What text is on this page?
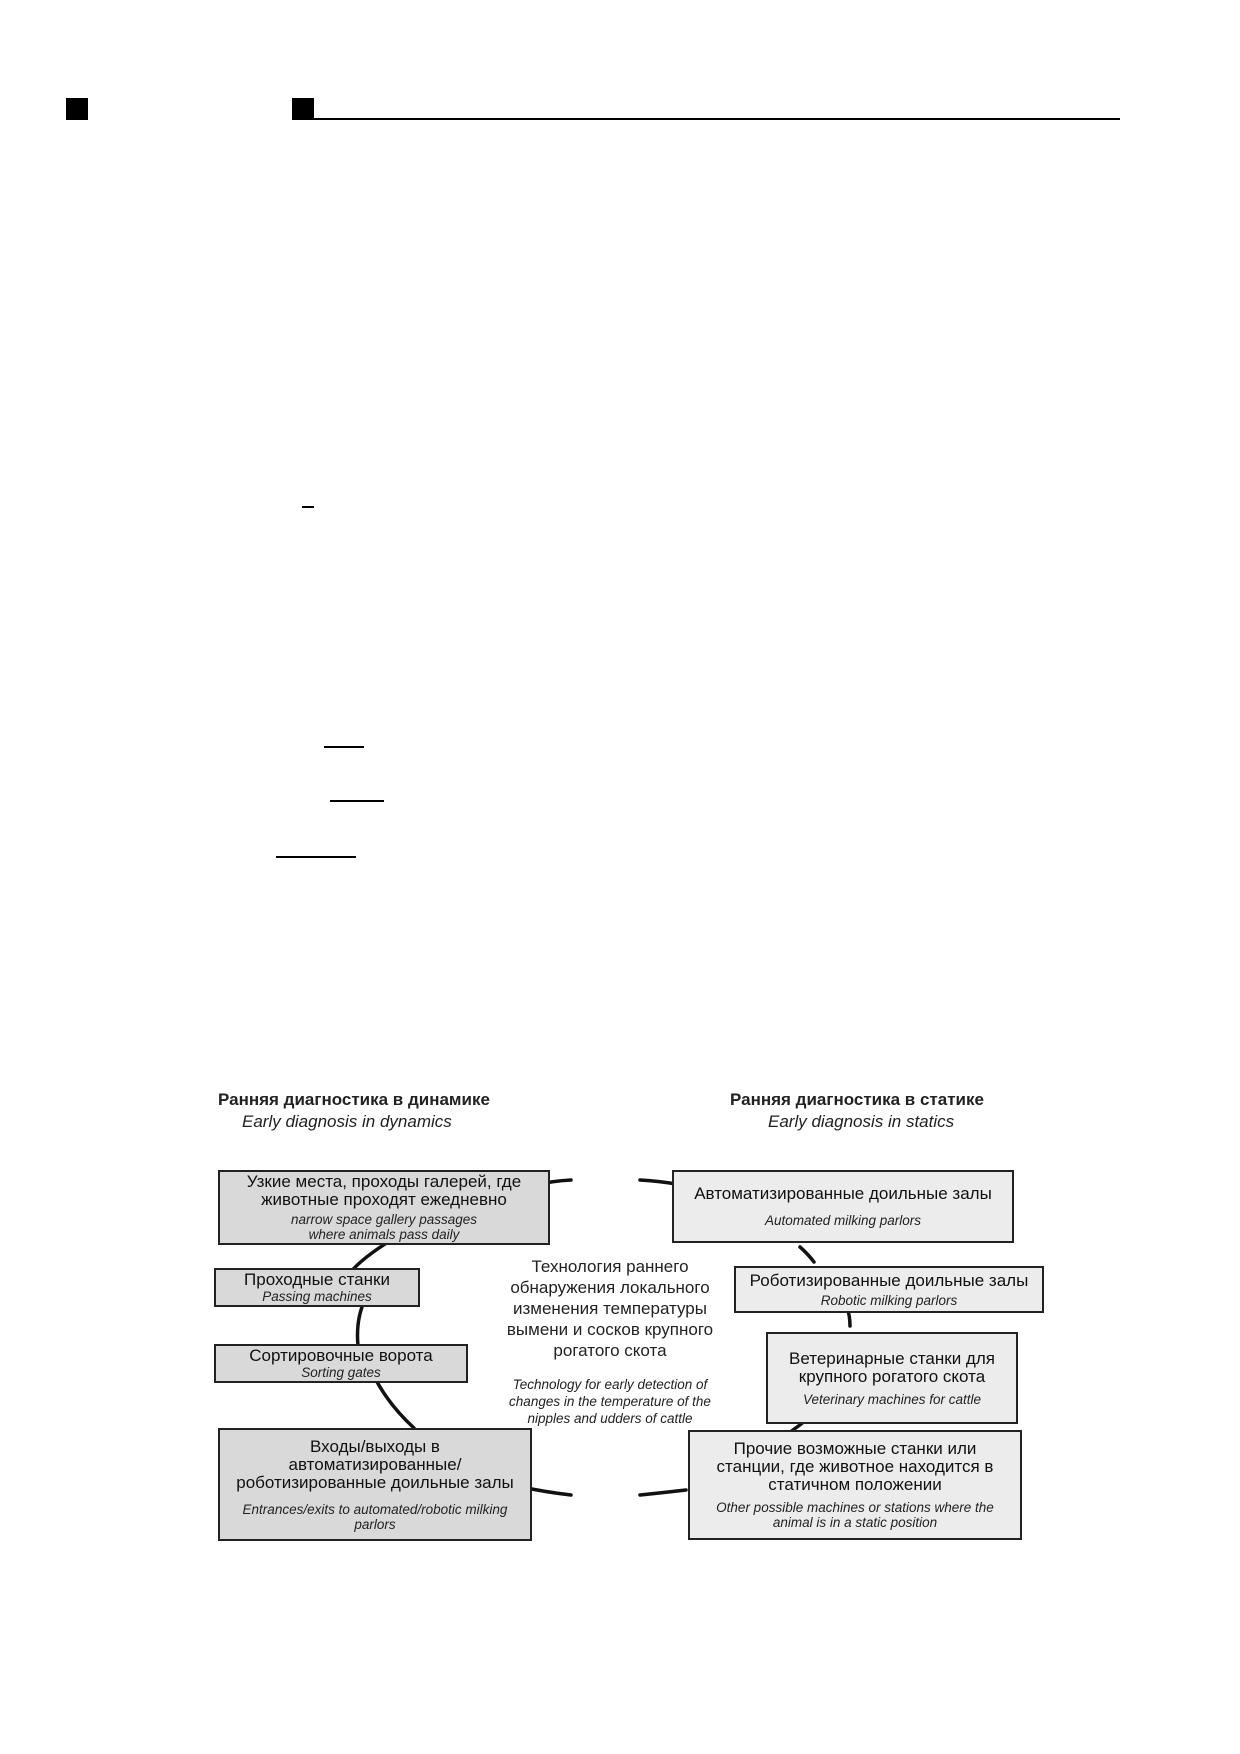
Ранняя диагностика в динамике
Early diagnosis in dynamics
Ранняя диагностика в статике
Early diagnosis in statics
Узкие места, проходы галерей, где
животные проходят ежедневно
narrow space gallery passages
where animals pass daily
Проходные станки
Passing machines
Сортировочные ворота
Sorting gates
Входы/выходы в
автоматизированные/
роботизированные доильные залы
Entrances/exits to automated/robotic milking
parlors
Технология раннего
обнаружения локального
изменения температуры
вымени и сосков крупного
рогатого скота
Technology for early detection of
changes in the temperature of the
nipples and udders of cattle
Автоматизированные доильные залы
Automated milking parlors
Роботизированные доильные залы
Robotic milking parlors
Ветеринарные станки для
крупного рогатого скота
Veterinary machines for cattle
Прочие возможные станки или
станции, где животное находится в
статичном положении
Other possible machines or stations where the
animal is in a static position
